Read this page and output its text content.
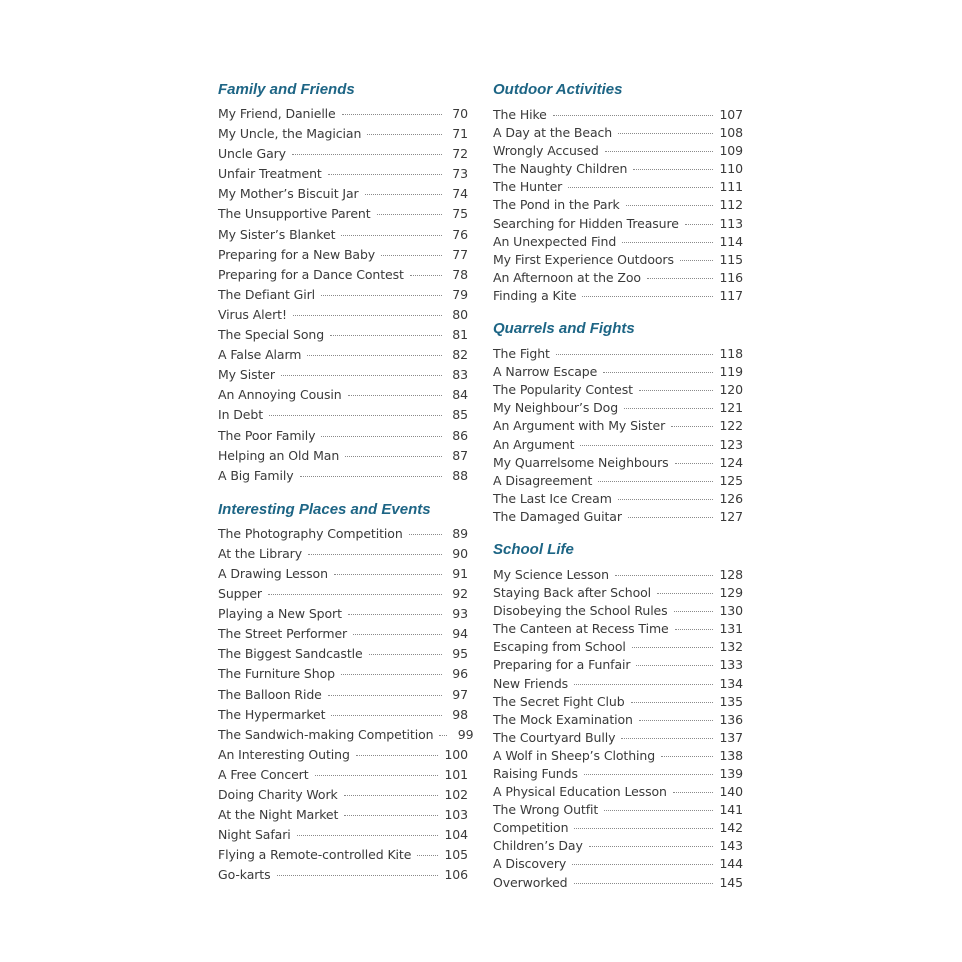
Family and Friends
My Friend, Danielle	70
My Uncle, the Magician	71
Uncle Gary	72
Unfair Treatment	73
My Mother’s Biscuit Jar	74
The Unsupportive Parent	75
My Sister’s Blanket	76
Preparing for a New Baby	77
Preparing for a Dance Contest	78
The Defiant Girl	79
Virus Alert!	80
The Special Song	81
A False Alarm	82
My Sister	83
An Annoying Cousin	84
In Debt	85
The Poor Family	86
Helping an Old Man	87
A Big Family	88
Interesting Places and Events
The Photography Competition	89
At the Library	90
A Drawing Lesson	91
Supper	92
Playing a New Sport	93
The Street Performer	94
The Biggest Sandcastle	95
The Furniture Shop	96
The Balloon Ride	97
The Hypermarket	98
The Sandwich-making Competition	99
An Interesting Outing	100
A Free Concert	101
Doing Charity Work	102
At the Night Market	103
Night Safari	104
Flying a Remote-controlled Kite	105
Go-karts	106
Outdoor Activities
The Hike	107
A Day at the Beach	108
Wrongly Accused	109
The Naughty Children	110
The Hunter	111
The Pond in the Park	112
Searching for Hidden Treasure	113
An Unexpected Find	114
My First Experience Outdoors	115
An Afternoon at the Zoo	116
Finding a Kite	117
Quarrels and Fights
The Fight	118
A Narrow Escape	119
The Popularity Contest	120
My Neighbour’s Dog	121
An Argument with My Sister	122
An Argument	123
My Quarrelsome Neighbours	124
A Disagreement	125
The Last Ice Cream	126
The Damaged Guitar	127
School Life
My Science Lesson	128
Staying Back after School	129
Disobeying the School Rules	130
The Canteen at Recess Time	131
Escaping from School	132
Preparing for a Funfair	133
New Friends	134
The Secret Fight Club	135
The Mock Examination	136
The Courtyard Bully	137
A Wolf in Sheep’s Clothing	138
Raising Funds	139
A Physical Education Lesson	140
The Wrong Outfit	141
Competition	142
Children’s Day	143
A Discovery	144
Overworked	145
